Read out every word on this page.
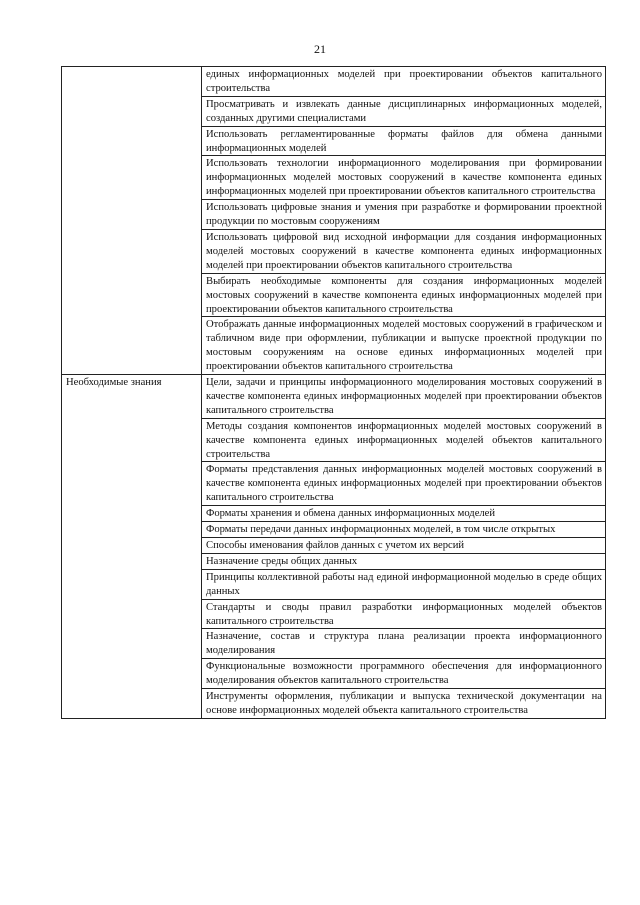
21

	единых информационных моделей при проектировании объектов капитального строительства

	Просматривать и извлекать данные дисциплинарных информационных моделей, созданных другими специалистами

	Использовать регламентированные форматы файлов для обмена данными информационных моделей

	Использовать технологии информационного моделирования при формировании информационных моделей мостовых сооружений в качестве компонента единых информационных моделей при проектировании объектов капитального строительства

	Использовать цифровые знания и умения при разработке и формировании проектной продукции по мостовым сооружениям

	Использовать цифровой вид исходной информации для создания информационных моделей мостовых сооружений в качестве компонента единых информационных моделей при проектировании объектов капитального строительства

	Выбирать необходимые компоненты для создания информационных моделей мостовых сооружений в качестве компонента единых информационных моделей при проектировании объектов капитального строительства

	Отображать данные информационных моделей мостовых сооружений в графическом и табличном виде при оформлении, публикации и выпуске проектной продукции по мостовым сооружениям на основе единых информационных моделей при проектировании объектов капитального строительства

Необходимые знания	Цели, задачи и принципы информационного моделирования мостовых сооружений в качестве компонента единых информационных моделей при проектировании объектов капитального строительства

	Методы создания компонентов информационных моделей мостовых сооружений в качестве компонента единых информационных моделей объектов капитального строительства

	Форматы представления данных информационных моделей мостовых сооружений в качестве компонента единых информационных моделей при проектировании объектов капитального строительства

	Форматы хранения и обмена данных информационных моделей

	Форматы передачи данных информационных моделей, в том числе открытых

	Способы именования файлов данных с учетом их версий

	Назначение среды общих данных

	Принципы коллективной работы над единой информационной моделью в среде общих данных

	Стандарты и своды правил разработки информационных моделей объектов капитального строительства

	Назначение, состав и структура плана реализации проекта информационного моделирования

	Функциональные возможности программного обеспечения для информационного моделирования объектов капитального строительства

	Инструменты оформления, публикации и выпуска технической документации на основе информационных моделей объекта капитального строительства
